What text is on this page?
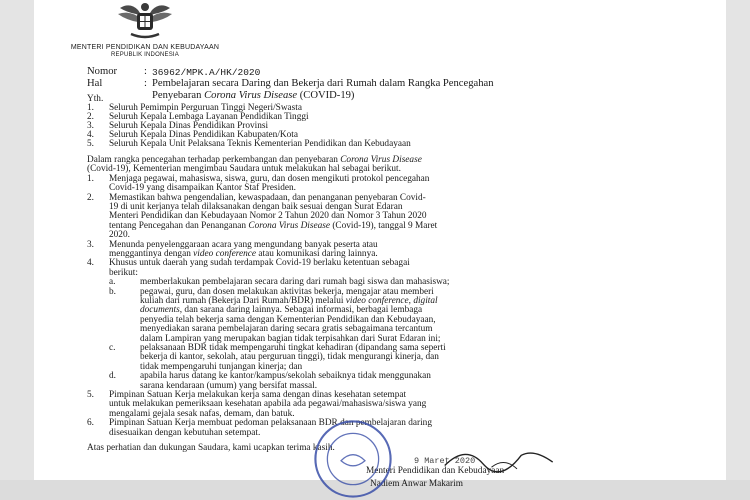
MENTERI PENDIDIKAN DAN KEBUDAYAAN
REPUBLIK INDONESIA
Nomor	: 36962/MPK.A/HK/2020
Hal	: Pembelajaran secara Daring dan Bekerja dari Rumah dalam Rangka Pencegahan
Penyebaran Corona Virus Disease (COVID-19)
Yth.
1. Seluruh Pemimpin Perguruan Tinggi Negeri/Swasta
2. Seluruh Kepala Lembaga Layanan Pendidikan Tinggi
3. Seluruh Kepala Dinas Pendidikan Provinsi
4. Seluruh Kepala Dinas Pendidikan Kabupaten/Kota
5. Seluruh Kepala Unit Pelaksana Teknis Kementerian Pendidikan dan Kebudayaan
Dalam rangka pencegahan terhadap perkembangan dan penyebaran Corona Virus Disease
(Covid-19), Kementerian mengimbau Saudara untuk melakukan hal sebagai berikut.
1. Menjaga pegawai, mahasiswa, siswa, guru, dan dosen mengikuti protokol pencegahan
Covid-19 yang disampaikan Kantor Staf Presiden.
2. Memastikan bahwa pengendalian, kewaspadaan, dan penanganan penyebaran Covid-
19 di unit kerjanya telah dilaksanakan dengan baik sesuai dengan Surat Edaran
Menteri Pendidikan dan Kebudayaan Nomor 2 Tahun 2020 dan Nomor 3 Tahun 2020
tentang Pencegahan dan Penanganan Corona Virus Disease (Covid-19), tanggal 9 Maret
2020.
3. Menunda penyelenggaraan acara yang mengundang banyak peserta atau
menggantinya dengan video conference atau komunikasi daring lainnya.
4. Khusus untuk daerah yang sudah terdampak Covid-19 berlaku ketentuan sebagai
berikut:
a.	memberlakukan pembelajaran secara daring dari rumah bagi siswa dan mahasiswa;
b.	pegawai, guru, dan dosen melakukan aktivitas bekerja, mengajar atau memberi
kuliah dari rumah (Bekerja Dari Rumah/BDR) melalui video conference, digital
documents, dan sarana daring lainnya. Sebagai informasi, berbagai lembaga
penyedia telah bekerja sama dengan Kementerian Pendidikan dan Kebudayaan,
menyediakan sarana pembelajaran daring secara gratis sebagaimana tercantum
dalam Lampiran yang merupakan bagian tidak terpisahkan dari Surat Edaran ini;
c.	pelaksanaan BDR tidak mempengaruhi tingkat kehadiran (dipandang sama seperti
bekerja di kantor, sekolah, atau perguruan tinggi), tidak mengurangi kinerja, dan
tidak mempengaruhi tunjangan kinerja; dan
d.	apabila harus datang ke kantor/kampus/sekolah sebaiknya tidak menggunakan
sarana kendaraan (umum) yang bersifat massal.
5. Pimpinan Satuan Kerja melakukan kerja sama dengan dinas kesehatan setempat
untuk melakukan pemeriksaan kesehatan apabila ada pegawai/mahasiswa/siswa yang
mengalami gejala sesak nafas, demam, dan batuk.
6. Pimpinan Satuan Kerja membuat pedoman pelaksanaan BDR dan pembelajaran daring
disesuaikan dengan kebutuhan setempat.
Atas perhatian dan dukungan Saudara, kami ucapkan terima kasih.
9 Maret 2020
Menteri Pendidikan dan Kebudayaan
Nadiem Anwar Makarim
